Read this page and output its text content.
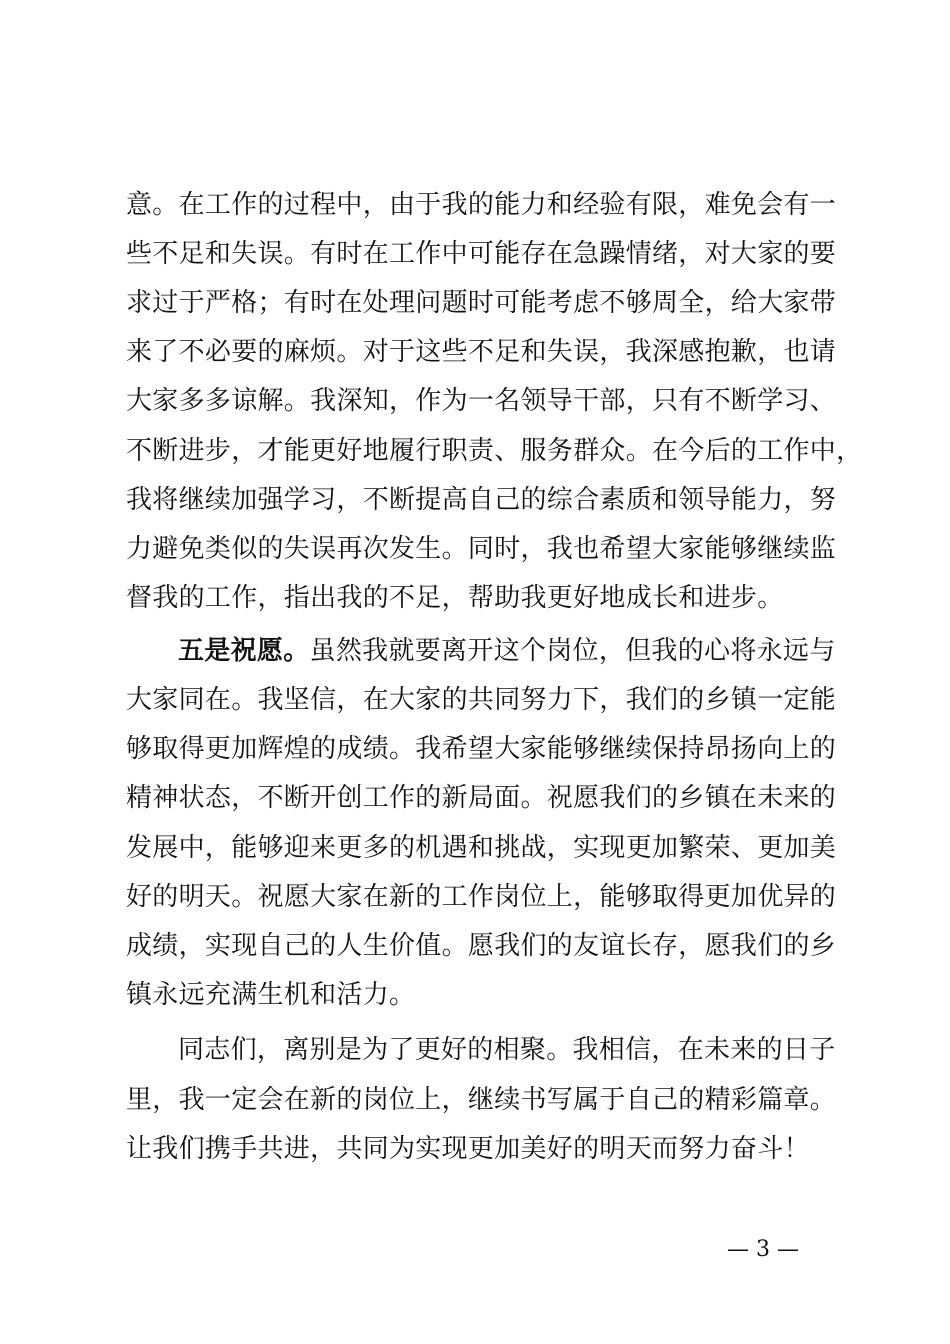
意。在工作的过程中，由于我的能力和经验有限，难免会有一
些不足和失误。有时在工作中可能存在急躁情绪，对大家的要
求过于严格；有时在处理问题时可能考虑不够周全，给大家带
来了不必要的麻烦。对于这些不足和失误，我深感抱歉，也请
大家多多谅解。我深知，作为一名领导干部，只有不断学习、
不断进步，才能更好地履行职责、服务群众。在今后的工作中，
我将继续加强学习，不断提高自己的综合素质和领导能力，努
力避免类似的失误再次发生。同时，我也希望大家能够继续监
督我的工作，指出我的不足，帮助我更好地成长和进步。
五是祝愿。虽然我就要离开这个岗位，但我的心将永远与
大家同在。我坚信，在大家的共同努力下，我们的乡镇一定能
够取得更加辉煌的成绩。我希望大家能够继续保持昂扬向上的
精神状态，不断开创工作的新局面。祝愿我们的乡镇在未来的
发展中，能够迎来更多的机遇和挑战，实现更加繁荣、更加美
好的明天。祝愿大家在新的工作岗位上，能够取得更加优异的
成绩，实现自己的人生价值。愿我们的友谊长存，愿我们的乡
镇永远充满生机和活力。
同志们，离别是为了更好的相聚。我相信，在未来的日子
里，我一定会在新的岗位上，继续书写属于自己的精彩篇章。
让我们携手共进，共同为实现更加美好的明天而努力奋斗！
— 3 —
